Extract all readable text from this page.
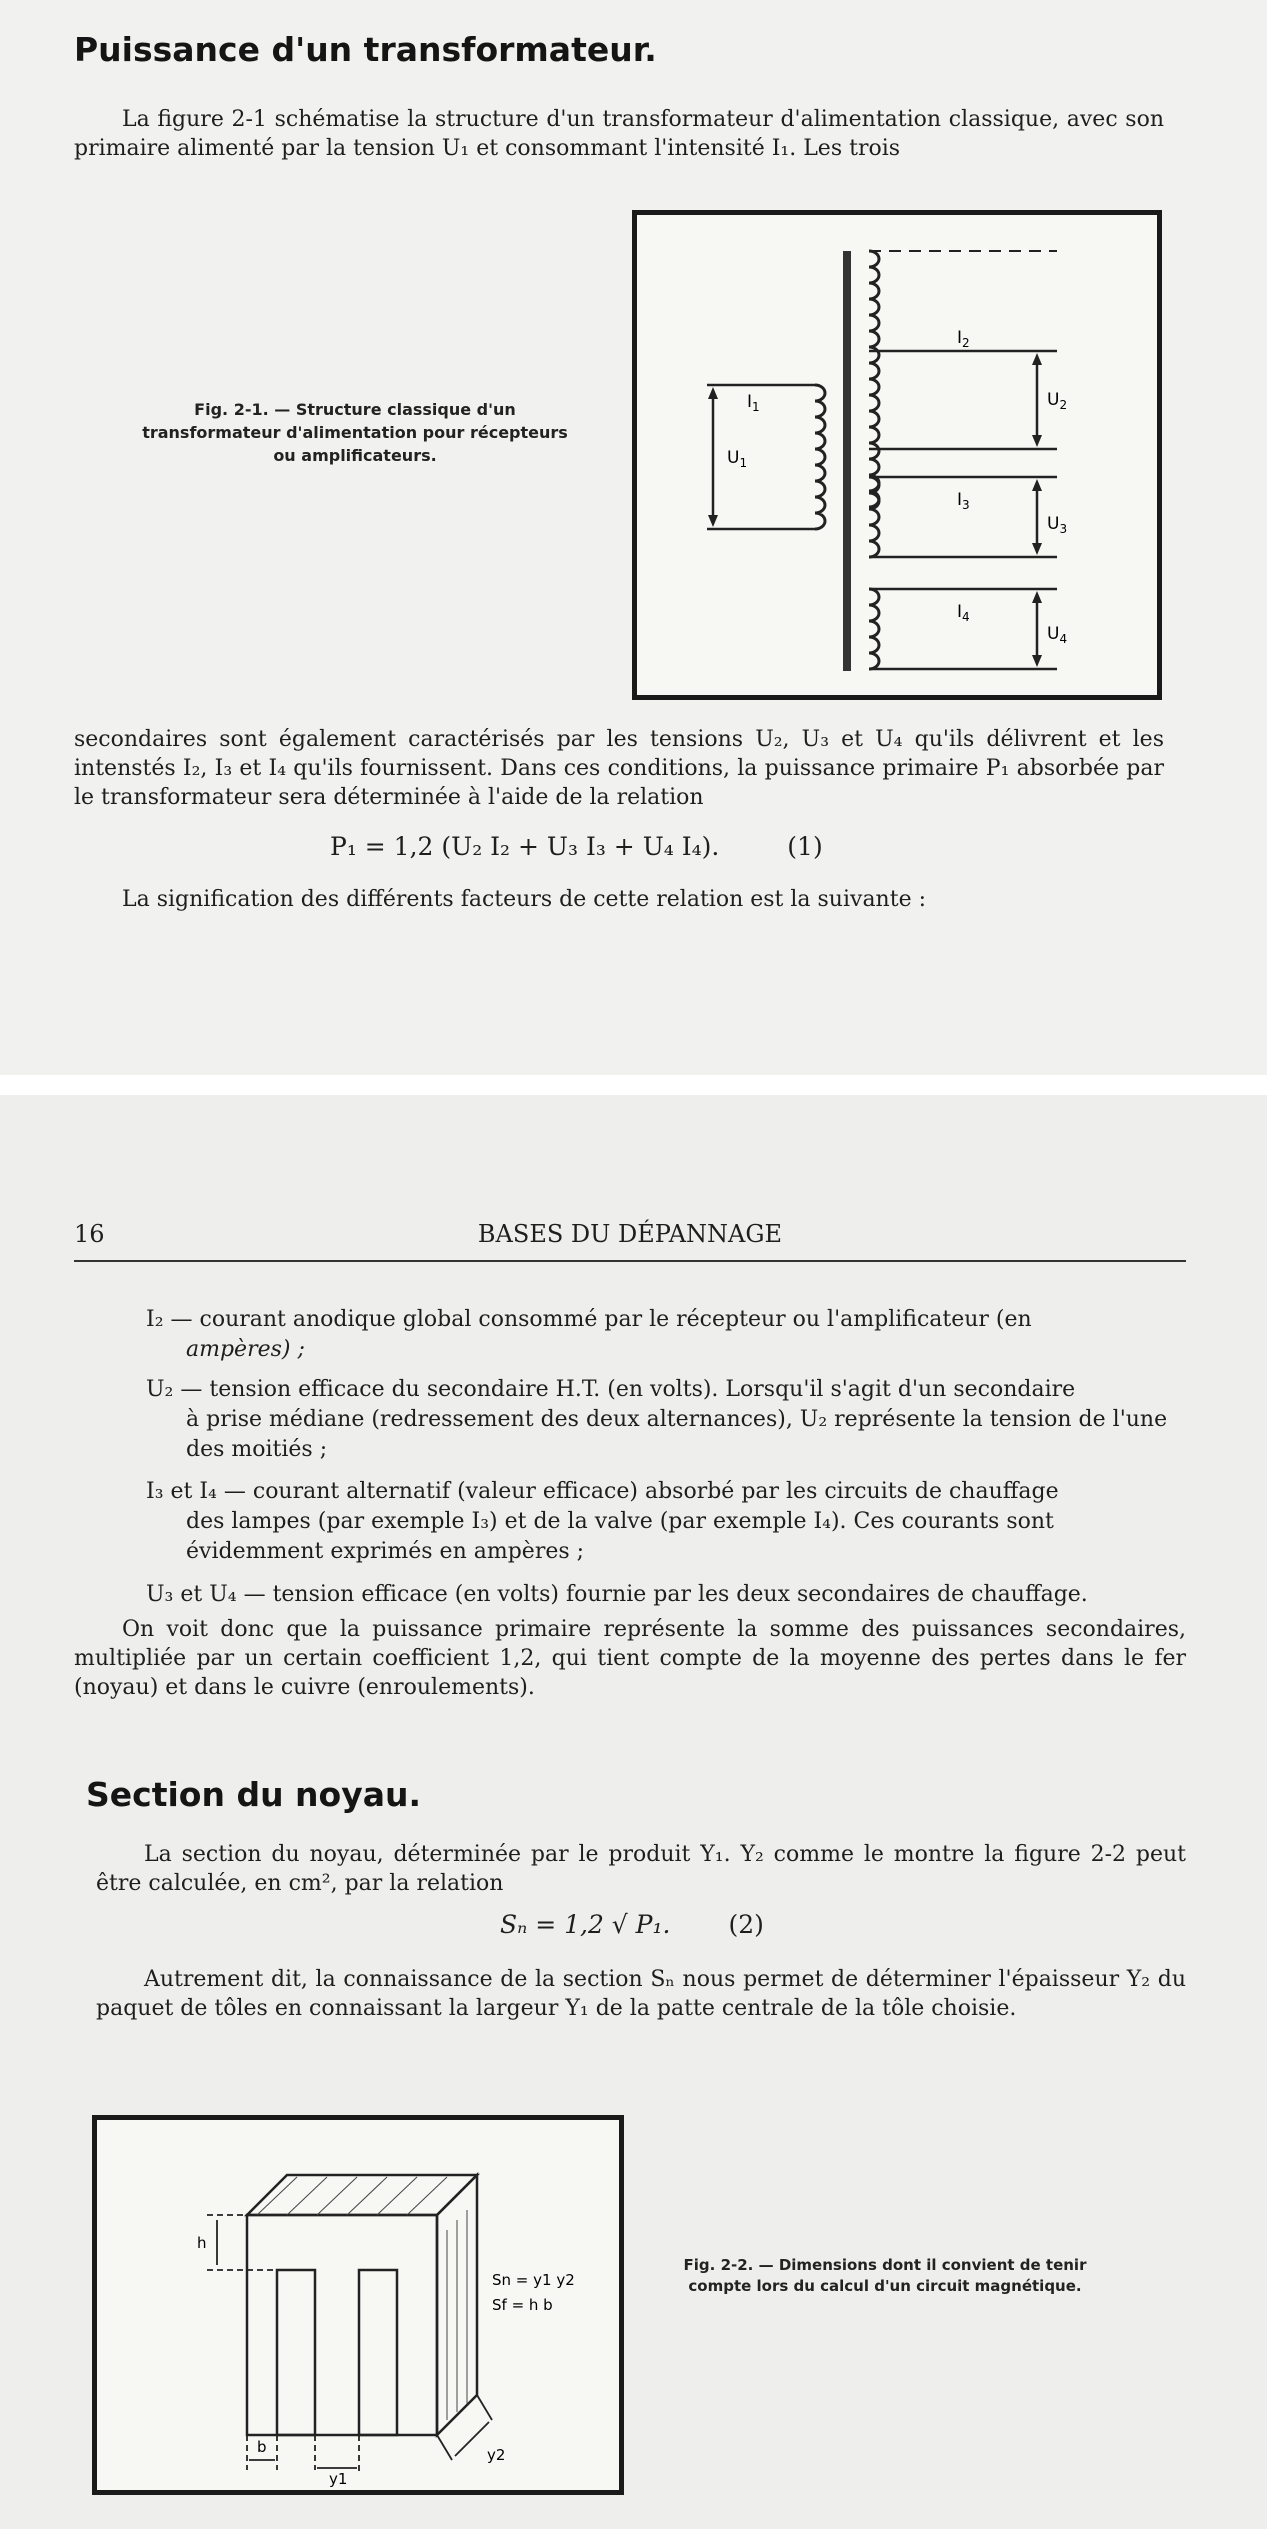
Puissance d'un transformateur.

La figure 2-1 schématise la structure d'un transformateur d'alimentation classique, avec son primaire alimenté par la tension U₁ et consommant l'intensité I₁. Les trois

Fig. 2-1. — Structure classique d'un transformateur d'alimentation pour récepteurs ou amplificateurs.
$I_1$
$U_1$
$I_2$
$U_2$
$I_3$
$U_3$
$I_4$
$U_4$

secondaires sont également caractérisés par les tensions U₂, U₃ et U₄ qu'ils délivrent et les intenstés I₂, I₃ et I₄ qu'ils fournissent. Dans ces conditions, la puissance primaire P₁ absorbée par le transformateur sera déterminée à l'aide de la relation

P₁ = 1,2 (U₂ I₂ + U₃ I₃ + U₄ I₄).	(1)

La signification des différents facteurs de cette relation est la suivante :

16	BASES DU DÉPANNAGE
I₂ — courant anodique global consommé par le récepteur ou l'amplificateur (en
ampères) ;
U₂ — tension efficace du secondaire H.T. (en volts). Lorsqu'il s'agit d'un secondaire
à prise médiane (redressement des deux alternances), U₂ représente la tension de l'une des moitiés ;
I₃ et I₄ — courant alternatif (valeur efficace) absorbé par les circuits de chauffage
des lampes (par exemple I₃) et de la valve (par exemple I₄). Ces courants sont évidemment exprimés en ampères ;
U₃ et U₄ — tension efficace (en volts) fournie par les deux secondaires de chauffage.

On voit donc que la puissance primaire représente la somme des puissances secondaires, multipliée par un certain coefficient 1,2, qui tient compte de la moyenne des pertes dans le fer (noyau) et dans le cuivre (enroulements).

Section du noyau.

La section du noyau, déterminée par le produit Y₁. Y₂ comme le montre la figure 2-2 peut être calculée, en cm², par la relation

Sₙ = 1,2 √ P₁. (2)

Autrement dit, la connaissance de la section Sₙ nous permet de déterminer l'épaisseur Y₂ du paquet de tôles en connaissant la largeur Y₁ de la patte centrale de la tôle choisie.

h
b
y1
y2
Sn = y1 y2
Sf = h b
Fig. 2-2. — Dimensions dont il convient de tenir compte lors du calcul d'un circuit magnétique.
